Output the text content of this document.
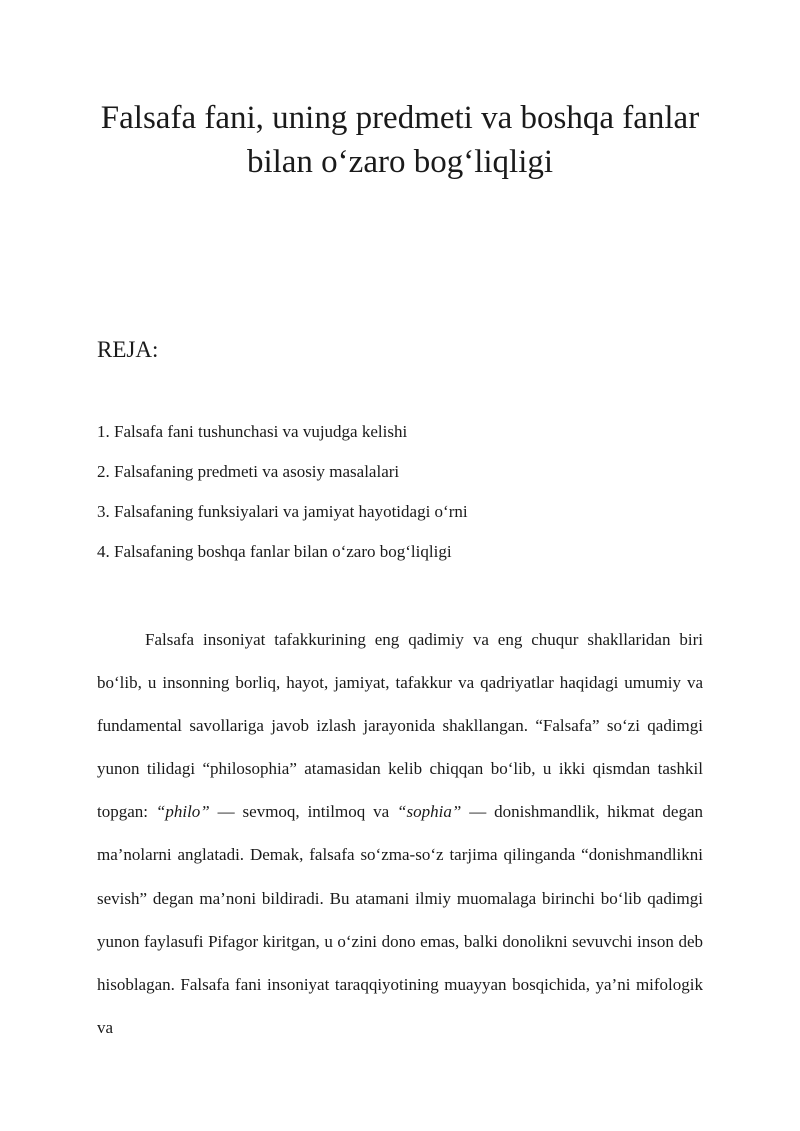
Falsafa fani, uning predmeti va boshqa fanlar
bilan o‘zaro bog‘liqligi
REJA:
1. Falsafa fani tushunchasi va vujudga kelishi
2. Falsafaning predmeti va asosiy masalalari
3. Falsafaning funksiyalari va jamiyat hayotidagi o‘rni
4. Falsafaning boshqa fanlar bilan o‘zaro bog‘liqligi

Falsafa insoniyat tafakkurining eng qadimiy va eng chuqur shakllaridan biri bo‘lib, u insonning borliq, hayot, jamiyat, tafakkur va qadriyatlar haqidagi umumiy va fundamental savollariga javob izlash jarayonida shakllangan. “Falsafa” so‘zi qadimgi yunon tilidagi “philosophia” atamasidan kelib chiqqan bo‘lib, u ikki qismdan tashkil topgan: “philo” — sevmoq, intilmoq va “sophia” — donishmandlik, hikmat degan ma’nolarni anglatadi. Demak, falsafa so‘zma-so‘z tarjima qilinganda “donishmandlikni sevish” degan ma’noni bildiradi. Bu atamani ilmiy muomalaga birinchi bo‘lib qadimgi yunon faylasufi Pifagor kiritgan, u o‘zini dono emas, balki donolikni sevuvchi inson deb hisoblagan. Falsafa fani insoniyat taraqqiyotining muayyan bosqichida, ya’ni mifologik va
